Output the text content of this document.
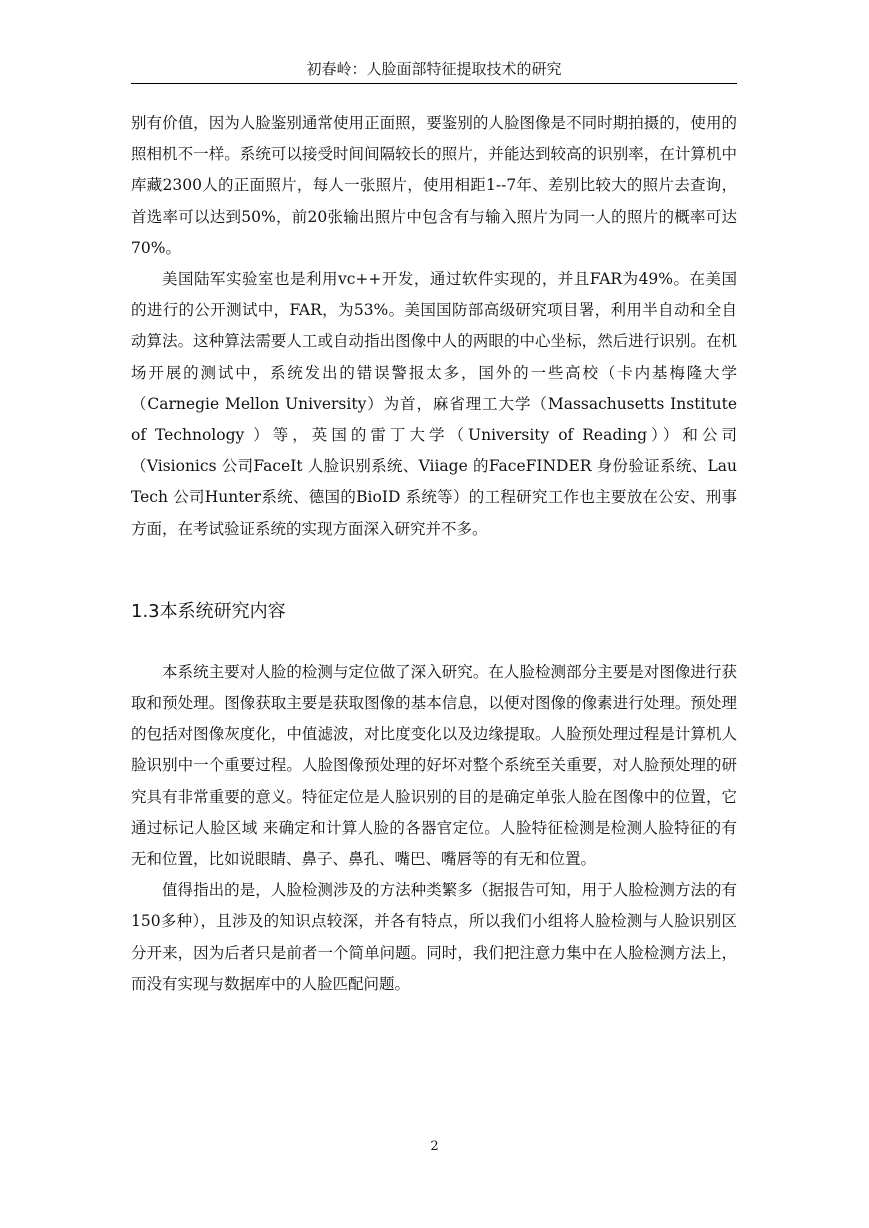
初春岭：人脸面部特征提取技术的研究

别有价值，因为人脸鉴别通常使用正面照，要鉴别的人脸图像是不同时期拍摄的，使用的照相机不一样。系统可以接受时间间隔较长的照片，并能达到较高的识别率，在计算机中库藏2300人的正面照片，每人一张照片，使用相距1--7年、差别比较大的照片去查询，首选率可以达到50%，前20张输出照片中包含有与输入照片为同一人的照片的概率可达70%。

美国陆军实验室也是利用vc++开发，通过软件实现的，并且FAR为49%。在美国的进行的公开测试中，FAR，为53%。美国国防部高级研究项目署，利用半自动和全自动算法。这种算法需要人工或自动指出图像中人的两眼的中心坐标，然后进行识别。在机场开展的测试中，系统发出的错误警报太多，国外的一些高校（卡内基梅隆大学（Carnegie Mellon University）为首，麻省理工大学（Massachusetts Institute of Technology ）等，英国的雷丁大学（University of Reading））和公司（Visionics 公司FaceIt 人脸识别系统、Viiage 的FaceFINDER 身份验证系统、Lau Tech 公司Hunter系统、德国的BioID 系统等）的工程研究工作也主要放在公安、刑事方面，在考试验证系统的实现方面深入研究并不多。

1.3本系统研究内容

本系统主要对人脸的检测与定位做了深入研究。在人脸检测部分主要是对图像进行获取和预处理。图像获取主要是获取图像的基本信息，以便对图像的像素进行处理。预处理的包括对图像灰度化，中值滤波，对比度变化以及边缘提取。人脸预处理过程是计算机人脸识别中一个重要过程。人脸图像预处理的好坏对整个系统至关重要，对人脸预处理的研究具有非常重要的意义。特征定位是人脸识别的目的是确定单张人脸在图像中的位置，它通过标记人脸区域 来确定和计算人脸的各器官定位。人脸特征检测是检测人脸特征的有无和位置，比如说眼睛、鼻子、鼻孔、嘴巴、嘴唇等的有无和位置。

值得指出的是，人脸检测涉及的方法种类繁多（据报告可知，用于人脸检测方法的有150多种），且涉及的知识点较深，并各有特点，所以我们小组将人脸检测与人脸识别区分开来，因为后者只是前者一个简单问题。同时，我们把注意力集中在人脸检测方法上，而没有实现与数据库中的人脸匹配问题。

2
